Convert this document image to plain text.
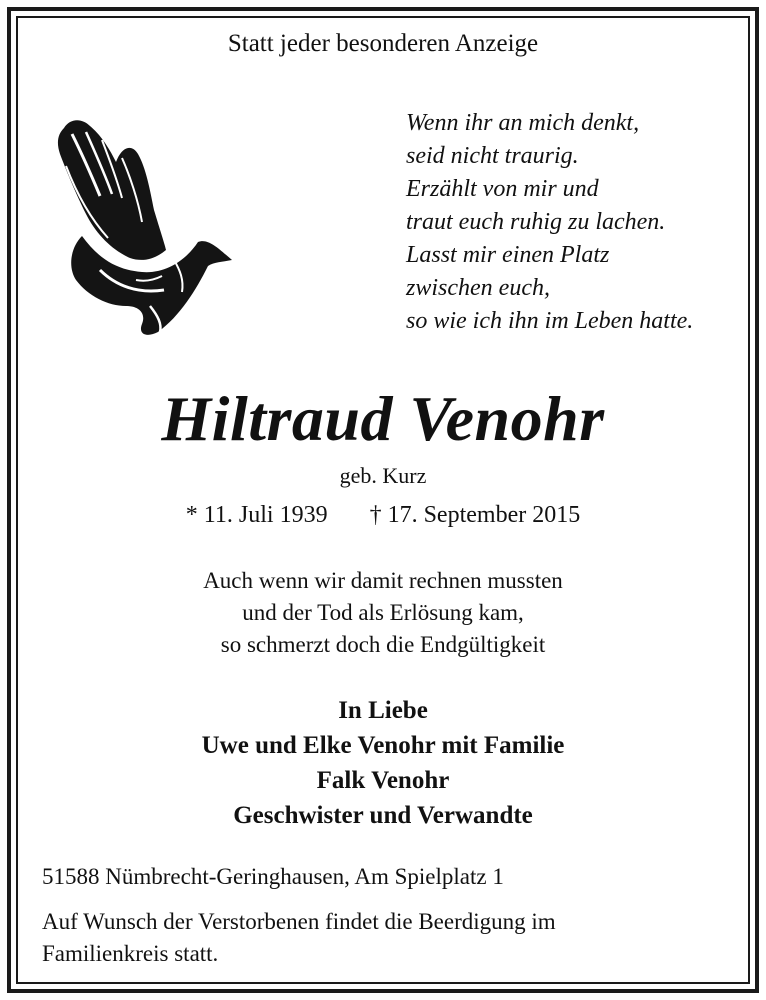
Statt jeder besonderen Anzeige
Wenn ihr an mich denkt,
seid nicht traurig.
Erzählt von mir und
traut euch ruhig zu lachen.
Lasst mir einen Platz
zwischen euch,
so wie ich ihn im Leben hatte.
Hiltraud Venohr
geb. Kurz
* 11. Juli 1939 † 17. September 2015
Auch wenn wir damit rechnen mussten
und der Tod als Erlösung kam,
so schmerzt doch die Endgültigkeit
In Liebe
Uwe und Elke Venohr mit Familie
Falk Venohr
Geschwister und Verwandte
51588 Nümbrecht-Geringhausen, Am Spielplatz 1
Auf Wunsch der Verstorbenen findet die Beerdigung im
Familienkreis statt.
